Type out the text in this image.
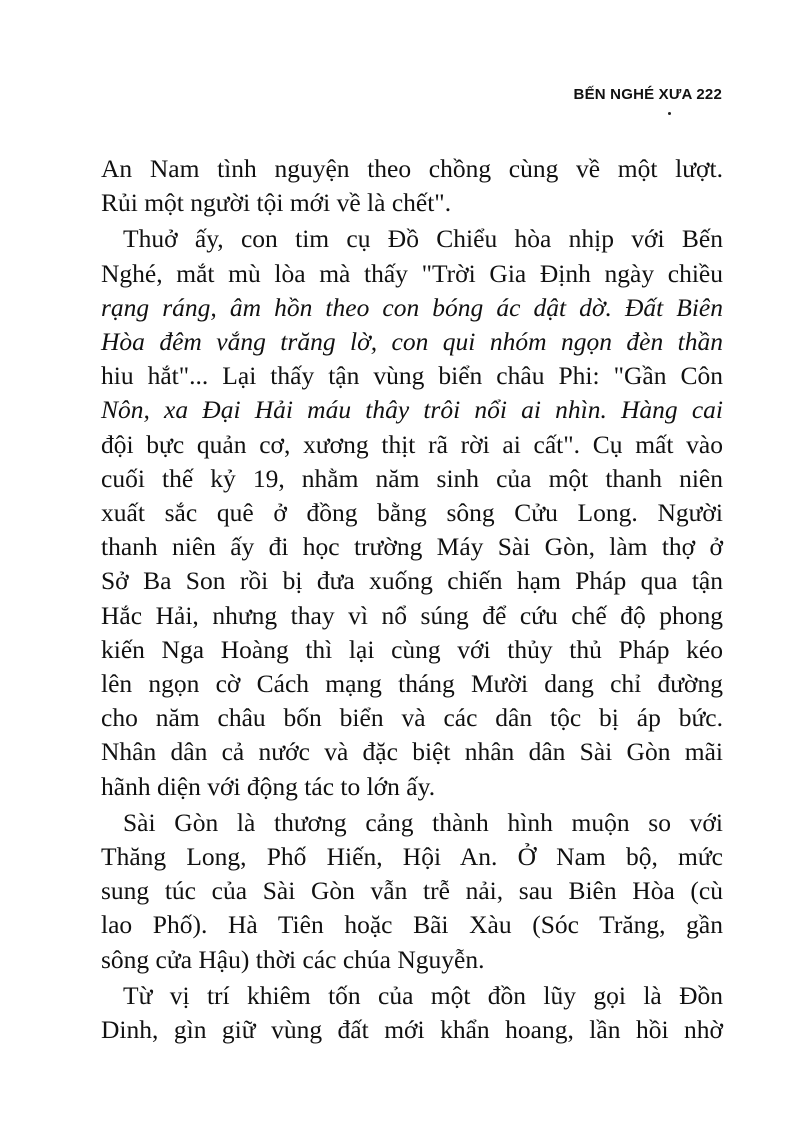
BẾN NGHÉ XƯA 222
An Nam tình nguyện theo chồng cùng về một lượt.
Rủi một người tội mới về là chết".
Thuở ấy, con tim cụ Đồ Chiểu hòa nhịp với Bến
Nghé, mắt mù lòa mà thấy "Trời Gia Định ngày chiều
rạng ráng, âm hồn theo con bóng ác dật dờ. Đất Biên
Hòa đêm vắng trăng lờ, con qui nhóm ngọn đèn thần
hiu hắt"... Lại thấy tận vùng biển châu Phi: "Gần Côn
Nôn, xa Đại Hải máu thây trôi nổi ai nhìn. Hàng cai
đội bực quản cơ, xương thịt rã rời ai cất". Cụ mất vào
cuối thế kỷ 19, nhằm năm sinh của một thanh niên
xuất sắc quê ở đồng bằng sông Cửu Long. Người
thanh niên ấy đi học trường Máy Sài Gòn, làm thợ ở
Sở Ba Son rồi bị đưa xuống chiến hạm Pháp qua tận
Hắc Hải, nhưng thay vì nổ súng để cứu chế độ phong
kiến Nga Hoàng thì lại cùng với thủy thủ Pháp kéo
lên ngọn cờ Cách mạng tháng Mười dang chỉ đường
cho năm châu bốn biển và các dân tộc bị áp bức.
Nhân dân cả nước và đặc biệt nhân dân Sài Gòn mãi
hãnh diện với động tác to lớn ấy.
Sài Gòn là thương cảng thành hình muộn so với
Thăng Long, Phố Hiến, Hội An. Ở Nam bộ, mức
sung túc của Sài Gòn vẫn trễ nải, sau Biên Hòa (cù
lao Phố). Hà Tiên hoặc Bãi Xàu (Sóc Trăng, gần
sông cửa Hậu) thời các chúa Nguyễn.
Từ vị trí khiêm tốn của một đồn lũy gọi là Đồn
Dinh, gìn giữ vùng đất mới khẩn hoang, lần hồi nhờ
